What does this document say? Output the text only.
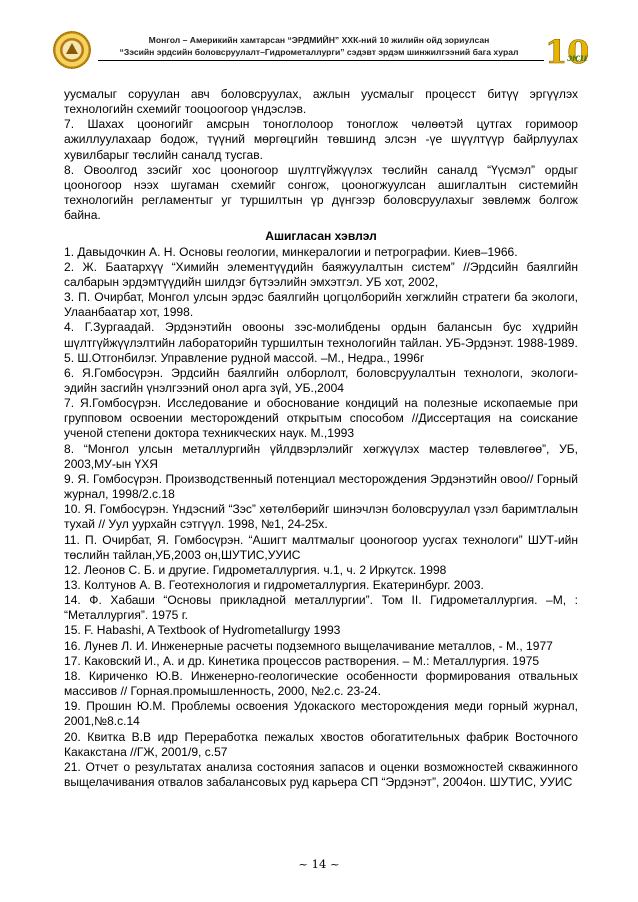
Монгол – Америкийн хамтарсан “ЭРДМИЙН” ХХК-ний 10 жилийн ойд зориулсан
“Зэсийн эрдсийн боловсруулалт–Гидрометаллурги” сэдэвт эрдэм шинжилгээний бага хурал 10
жи

уусмалыг соруулан авч боловсруулах, ажлын уусмалыг процесст битүү эргүүлэх технологийн схемийг тооцоогоор үндэслэв.

7. Шахах цооногийг амсрын тоноглолоор тоноглож чөлөөтэй цутгах горимоор ажиллуулахаар бодож, түүний мөргөцгийн төвшинд элсэн -үе шүүлтүүр байрлуулах хувилбарыг төслийн саналд тусгав.

8. Овоолгод зэсийг хос цооногоор шүлтгүйжүүлэх төслийн саналд “Үүсмэл” ордыг цооногоор нээх шугаман схемийг сонгож, цооногжуулсан ашиглалтын системийн технологийн регламентыг уг туршилтын үр дүнгээр боловсруулахыг зөвлөмж болгож байна.

Ашигласан хэвлэл

1. Давыдочкин А. Н. Основы геологии, минкералогии и петрографии. Киев–1966.

2. Ж. Баатархүү “Химийн элементүүдийн баяжуулалтын систем” //Эрдсийн баялгийн салбарын эрдэмтүүдийн шилдэг бүтээлийн эмхэтгэл. УБ хот, 2002,

3. П. Очирбат, Монгол улсын эрдэс баялгийн цогцолборийн хөгжлийн стратеги ба экологи, Улаанбаатар хот, 1998.

4. Г.Зургаадай. Эрдэнэтийн овооны зэс-молибдены ордын балансын бус хүдрийн шүлтгүйжүүлэлтийн лабораторийн туршилтын технологийн тайлан. УБ-Эрдэнэт. 1988-1989.

5. Ш.Отгонбилэг. Управление рудной массой. –М., Недра., 1996г

6. Я.Гомбосүрэн. Эрдсийн баялгийн олборлолт, боловсруулалтын технологи, экологи-эдийн засгийн үнэлгээний онол арга зүй, УБ.,2004

7. Я.Гомбосүрэн. Исследование и обоснование кондиций на полезные ископаемые при групповом освоении месторождений открытым способом //Диссертация на соискание ученой степени доктора техникческих наук. М.,1993

8. “Монгол улсын металлургийн үйлдвэрлэлийг хөгжүүлэх мастер төлөвлөгөө”, УБ, 2003,МУ-ын ҮХЯ

9. Я. Гомбосүрэн. Производственный потенциал месторождения Эрдэнэтийн овоо// Горный журнал, 1998/2.с.18

10. Я. Гомбосүрэн. Үндэсний “Зэс” хөтөлбөрийг шинэчлэн боловсруулал үзэл баримтлалын тухай // Уул уурхайн сэтгүүл. 1998, №1, 24-25х.

11. П. Очирбат, Я. Гомбосүрэн. “Ашигт малтмалыг цооногоор уусгах технологи” ШУТ-ийн төслийн тайлан,УБ,2003 он,ШУТИС,УУИС

12. Леонов С. Б. и другие. Гидрометаллургия. ч.1, ч. 2 Иркутск. 1998

13. Колтунов А. В. Геотехнология и гидрометаллургия. Екатеринбург. 2003.

14. Ф. Хабаши “Основы прикладной металлургии”. Том II. Гидрометаллургия. –М, : “Металлургия”. 1975 г.

15. F. Habashi, A Textbook of Hydrometallurgy 1993

16. Лунев Л. И. Инженерные расчеты подземного выщелачивание металлов, - М., 1977

17. Каковский И., А. и др. Кинетика процессов растворения. – М.: Металлургия. 1975

18. Кириченко Ю.В. Инженерно-геологические особенности формирования отвальных массивов // Горная.промышленность, 2000, №2.с. 23-24.

19. Прошин Ю.М. Проблемы освоения Удокаского месторождения меди горный журнал, 2001,№8.с.14

20. Квитка В.В идр Переработка пежалых хвостов обогатительных фабрик Восточного Какакстана //ГЖ, 2001/9, с.57

21. Отчет о результатах анализа состояния запасов и оценки возможностей скважинного выщелачивания отвалов забалансовых руд карьера СП “Эрдэнэт”, 2004он. ШУТИС, УУИС

~ 14 ~
